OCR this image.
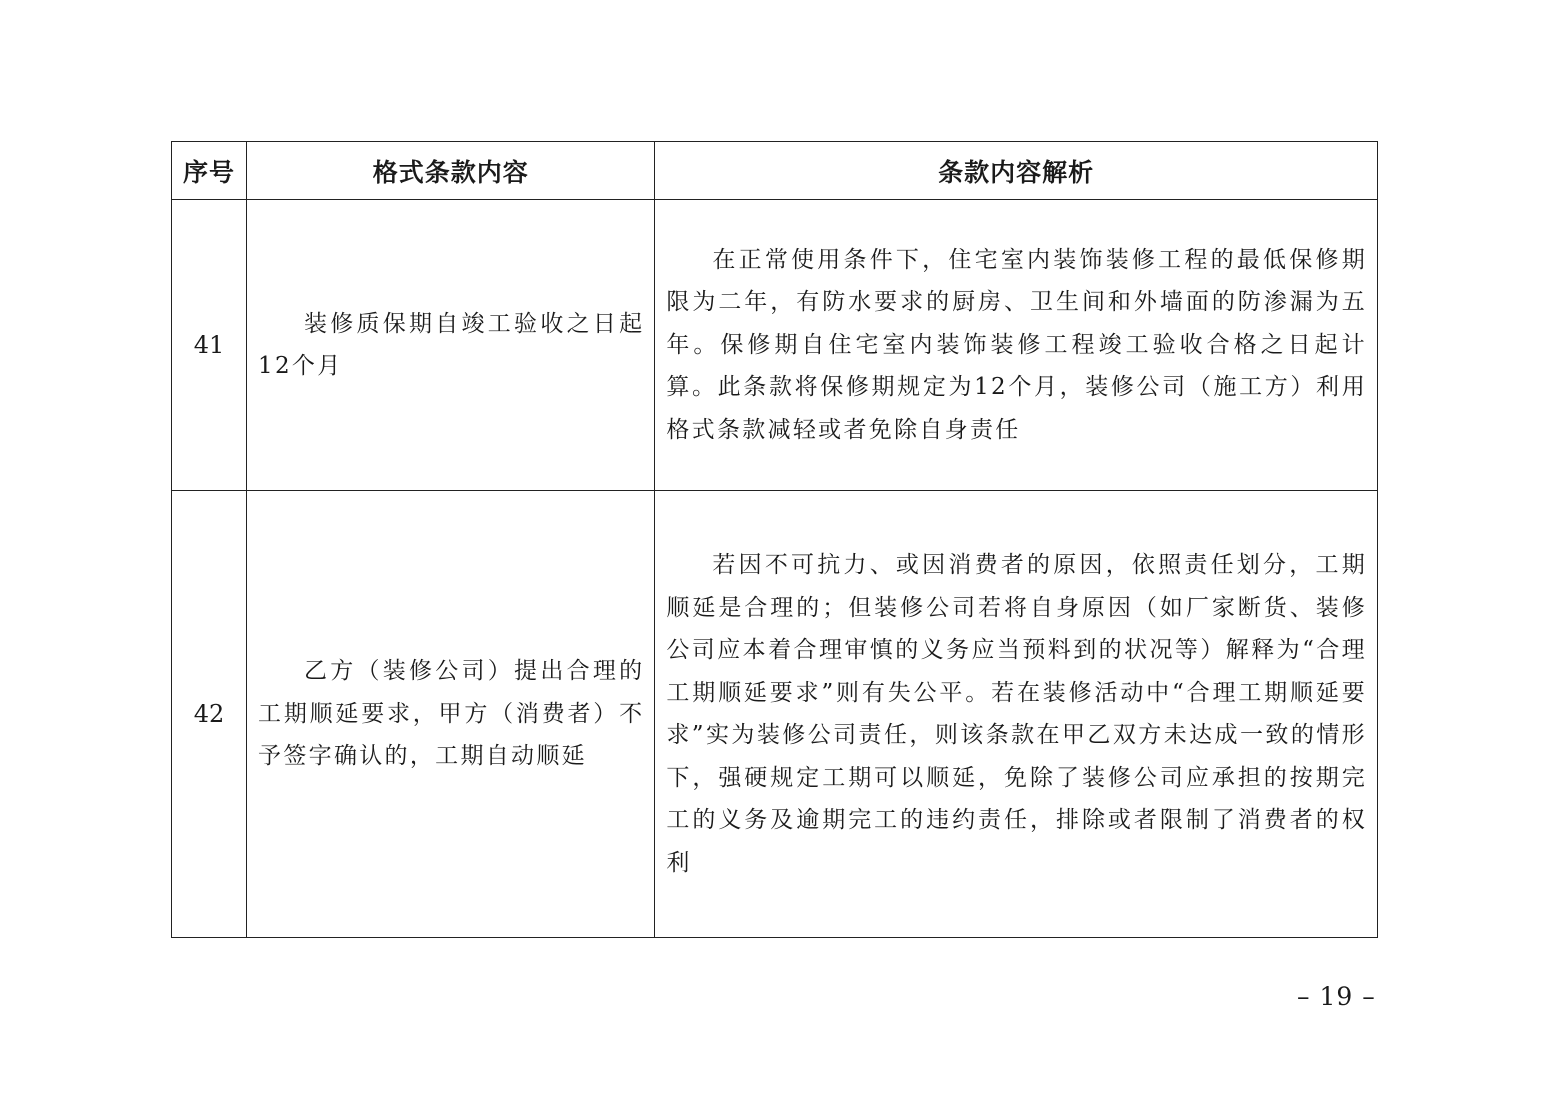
序号	格式条款内容	条款内容解析
41	装修质保期自竣工验收之日起12个月	在正常使用条件下，住宅室内装饰装修工程的最低保修期限为二年，有防水要求的厨房、卫生间和外墙面的防渗漏为五年。保修期自住宅室内装饰装修工程竣工验收合格之日起计算。此条款将保修期规定为12个月，装修公司（施工方）利用格式条款减轻或者免除自身责任
42	乙方（装修公司）提出合理的工期顺延要求，甲方（消费者）不予签字确认的，工期自动顺延	若因不可抗力、或因消费者的原因，依照责任划分，工期顺延是合理的；但装修公司若将自身原因（如厂家断货、装修公司应本着合理审慎的义务应当预料到的状况等）解释为“合理工期顺延要求”则有失公平。若在装修活动中“合理工期顺延要求”实为装修公司责任，则该条款在甲乙双方未达成一致的情形下，强硬规定工期可以顺延，免除了装修公司应承担的按期完工的义务及逾期完工的违约责任，排除或者限制了消费者的权利
– 19 –
